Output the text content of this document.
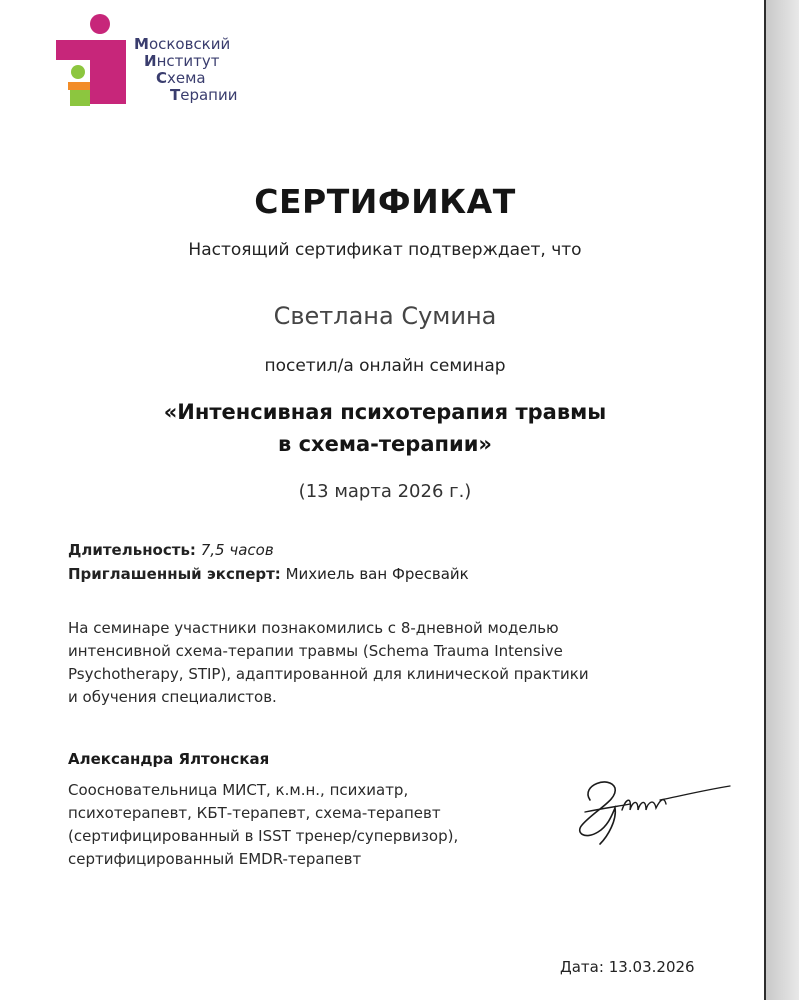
Московский
Институт
Схема
Терапии
СЕРТИФИКАТ
Настоящий сертификат подтверждает, что
Светлана Сумина
посетил/а онлайн семинар
«Интенсивная психотерапия травмы
в схема-терапии»
(13 марта 2026 г.)
Длительность: 7,5 часов
Приглашенный эксперт: Михиель ван Фресвайк
На семинаре участники познакомились с 8-дневной моделью
интенсивной схема-терапии травмы (Schema Trauma Intensive
Psychotherapy, STIP), адаптированной для клинической практики
и обучения специалистов.
Александра Ялтонская
Соосновательница МИСТ, к.м.н., психиатр,
психотерапевт, КБТ-терапевт, схема-терапевт
(сертифицированный в ISST тренер/супервизор),
сертифицированный EMDR-терапевт
Дата: 13.03.2026
